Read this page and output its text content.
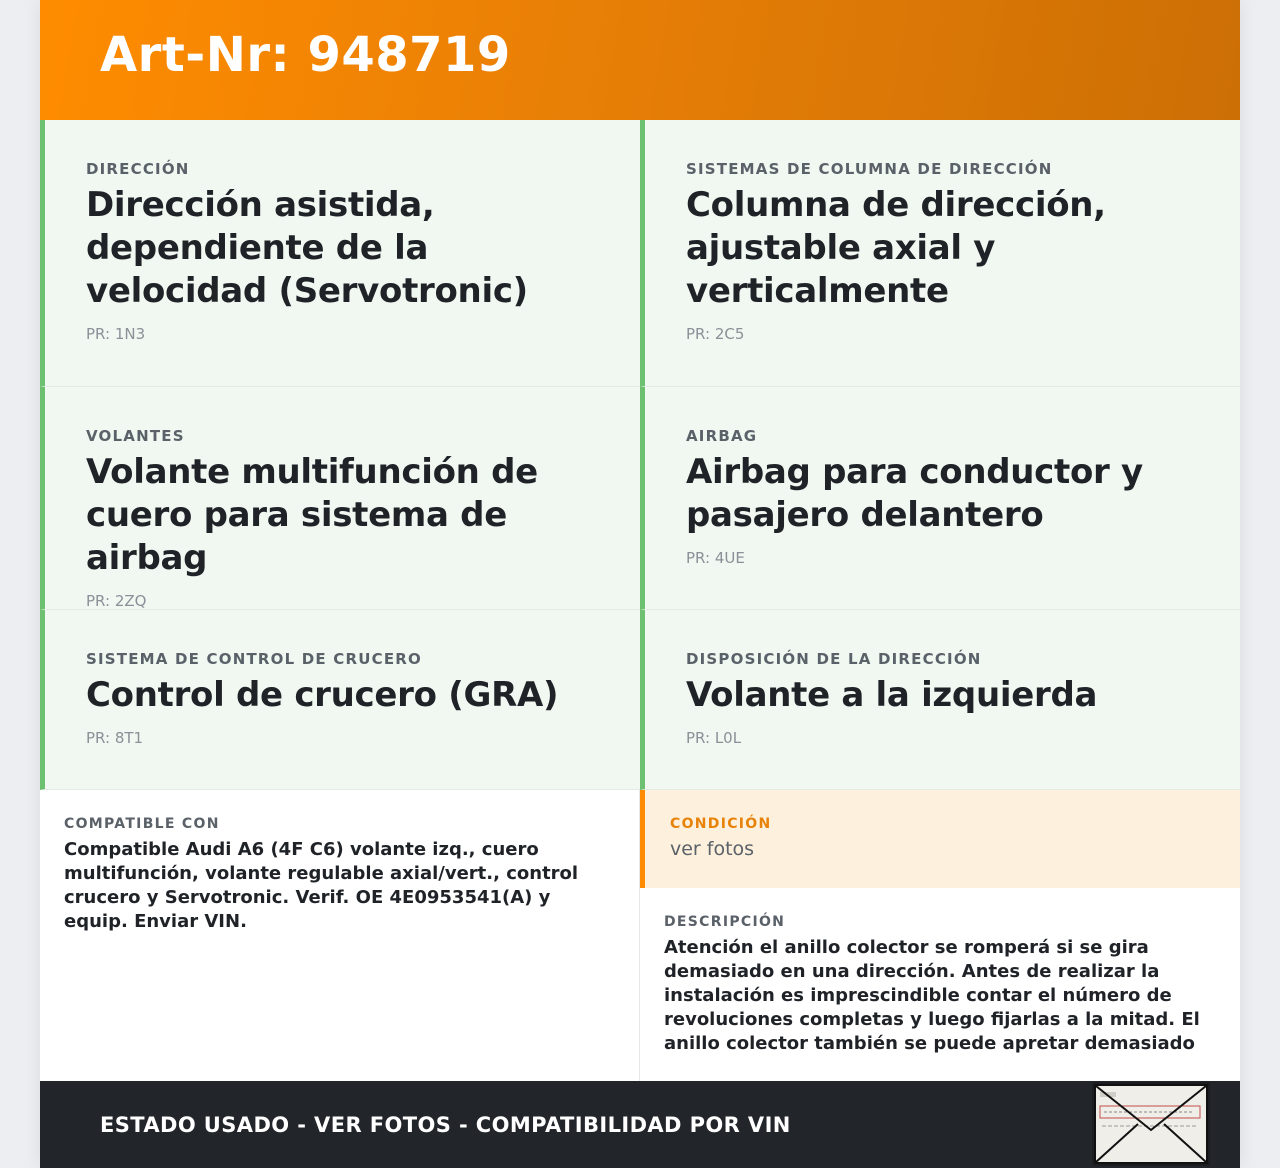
Art-Nr: 948719
DIRECCIÓN
Dirección asistida, dependiente de la velocidad (Servotronic)
PR: 1N3
SISTEMAS DE COLUMNA DE DIRECCIÓN
Columna de dirección, ajustable axial y verticalmente
PR: 2C5
VOLANTES
Volante multifunción de cuero para sistema de airbag
PR: 2ZQ
AIRBAG
Airbag para conductor y pasajero delantero
PR: 4UE
SISTEMA DE CONTROL DE CRUCERO
Control de crucero (GRA)
PR: 8T1
DISPOSICIÓN DE LA DIRECCIÓN
Volante a la izquierda
PR: L0L
COMPATIBLE CON
Compatible Audi A6 (4F C6) volante izq., cuero multifunción, volante regulable axial/vert., control crucero y Servotronic. Verif. OE 4E0953541(A) y equip. Enviar VIN.
CONDICIÓN
ver fotos
DESCRIPCIÓN
Atención el anillo colector se romperá si se gira demasiado en una dirección. Antes de realizar la instalación es imprescindible contar el número de revoluciones completas y luego fijarlas a la mitad. El anillo colector también se puede apretar demasiado
ESTADO USADO - VER FOTOS - COMPATIBILIDAD POR VIN
